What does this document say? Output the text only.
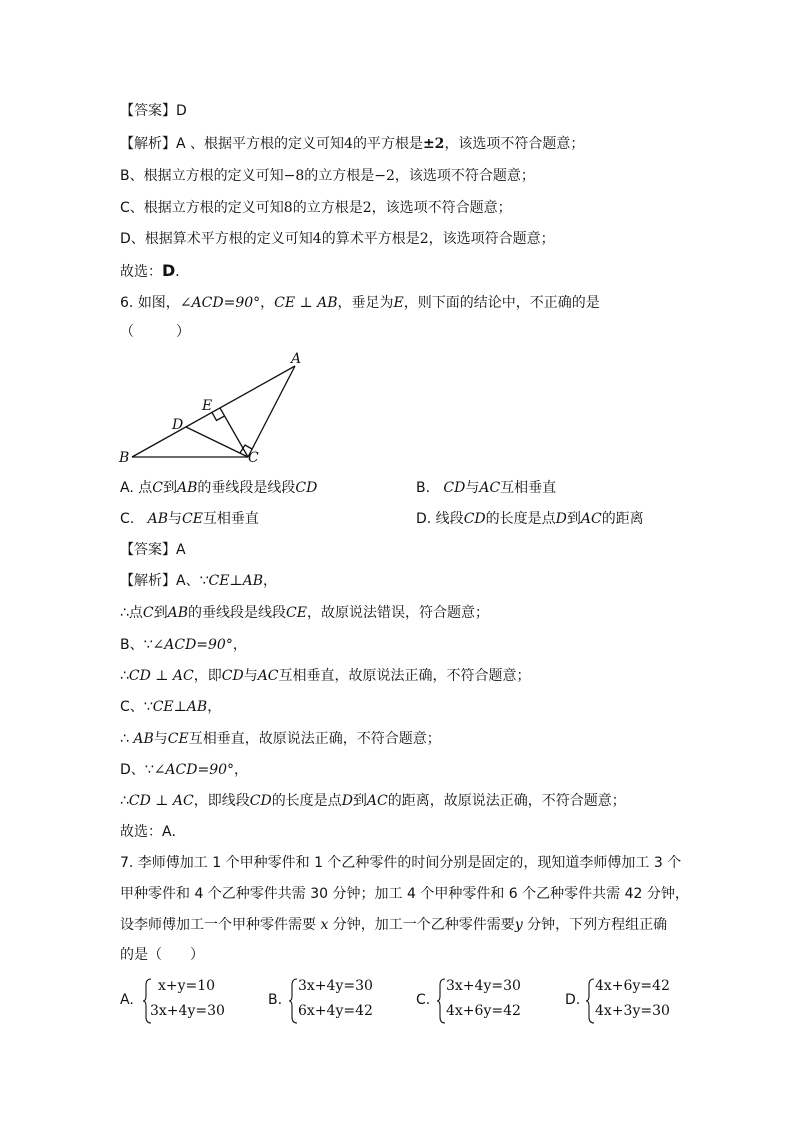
【答案】D
【解析】A 、根据平方根的定义可知4的平方根是±2，该选项不符合题意；
B、根据立方根的定义可知−8的立方根是−2，该选项不符合题意；
C、根据立方根的定义可知8的立方根是2，该选项不符合题意；
D、根据算术平方根的定义可知4的算术平方根是2，该选项符合题意；
故选：D．
6. 如图，∠ACD=90°，CE ⊥ AB，垂足为E，则下面的结论中，不正确的是
（　　　）
A
B	C
D
E
A. 点C到AB的垂线段是线段CD	B.   CD与AC互相垂直
C.   AB与CE互相垂直	D. 线段CD的长度是点D到AC的距离
【答案】A
【解析】A、∵CE⊥AB，
∴点C到AB的垂线段是线段CE，故原说法错误，符合题意；
B、∵∠ACD=90°，
∴CD ⊥ AC，即CD与AC互相垂直，故原说法正确，不符合题意；
C、∵CE⊥AB，
∴ AB与CE互相垂直，故原说法正确，不符合题意；
D、∵∠ACD=90°，
∴CD ⊥ AC，即线段CD的长度是点D到AC的距离，故原说法正确，不符合题意；
故选：A．
7. 李师傅加工 1 个甲种零件和 1 个乙种零件的时间分别是固定的，现知道李师傅加工 3 个
甲种零件和 4 个乙种零件共需 30 分钟；加工 4 个甲种零件和 6 个乙种零件共需 42 分钟，
设李师傅加工一个甲种零件需要 x 分钟，加工一个乙种零件需要y 分钟，下列方程组正确
的是（　　）
A.
x+y=10
3x+4y=30
B.
3x+4y=30
6x+4y=42
C.
3x+4y=30
4x+6y=42
D.
4x+6y=42
4x+3y=30
